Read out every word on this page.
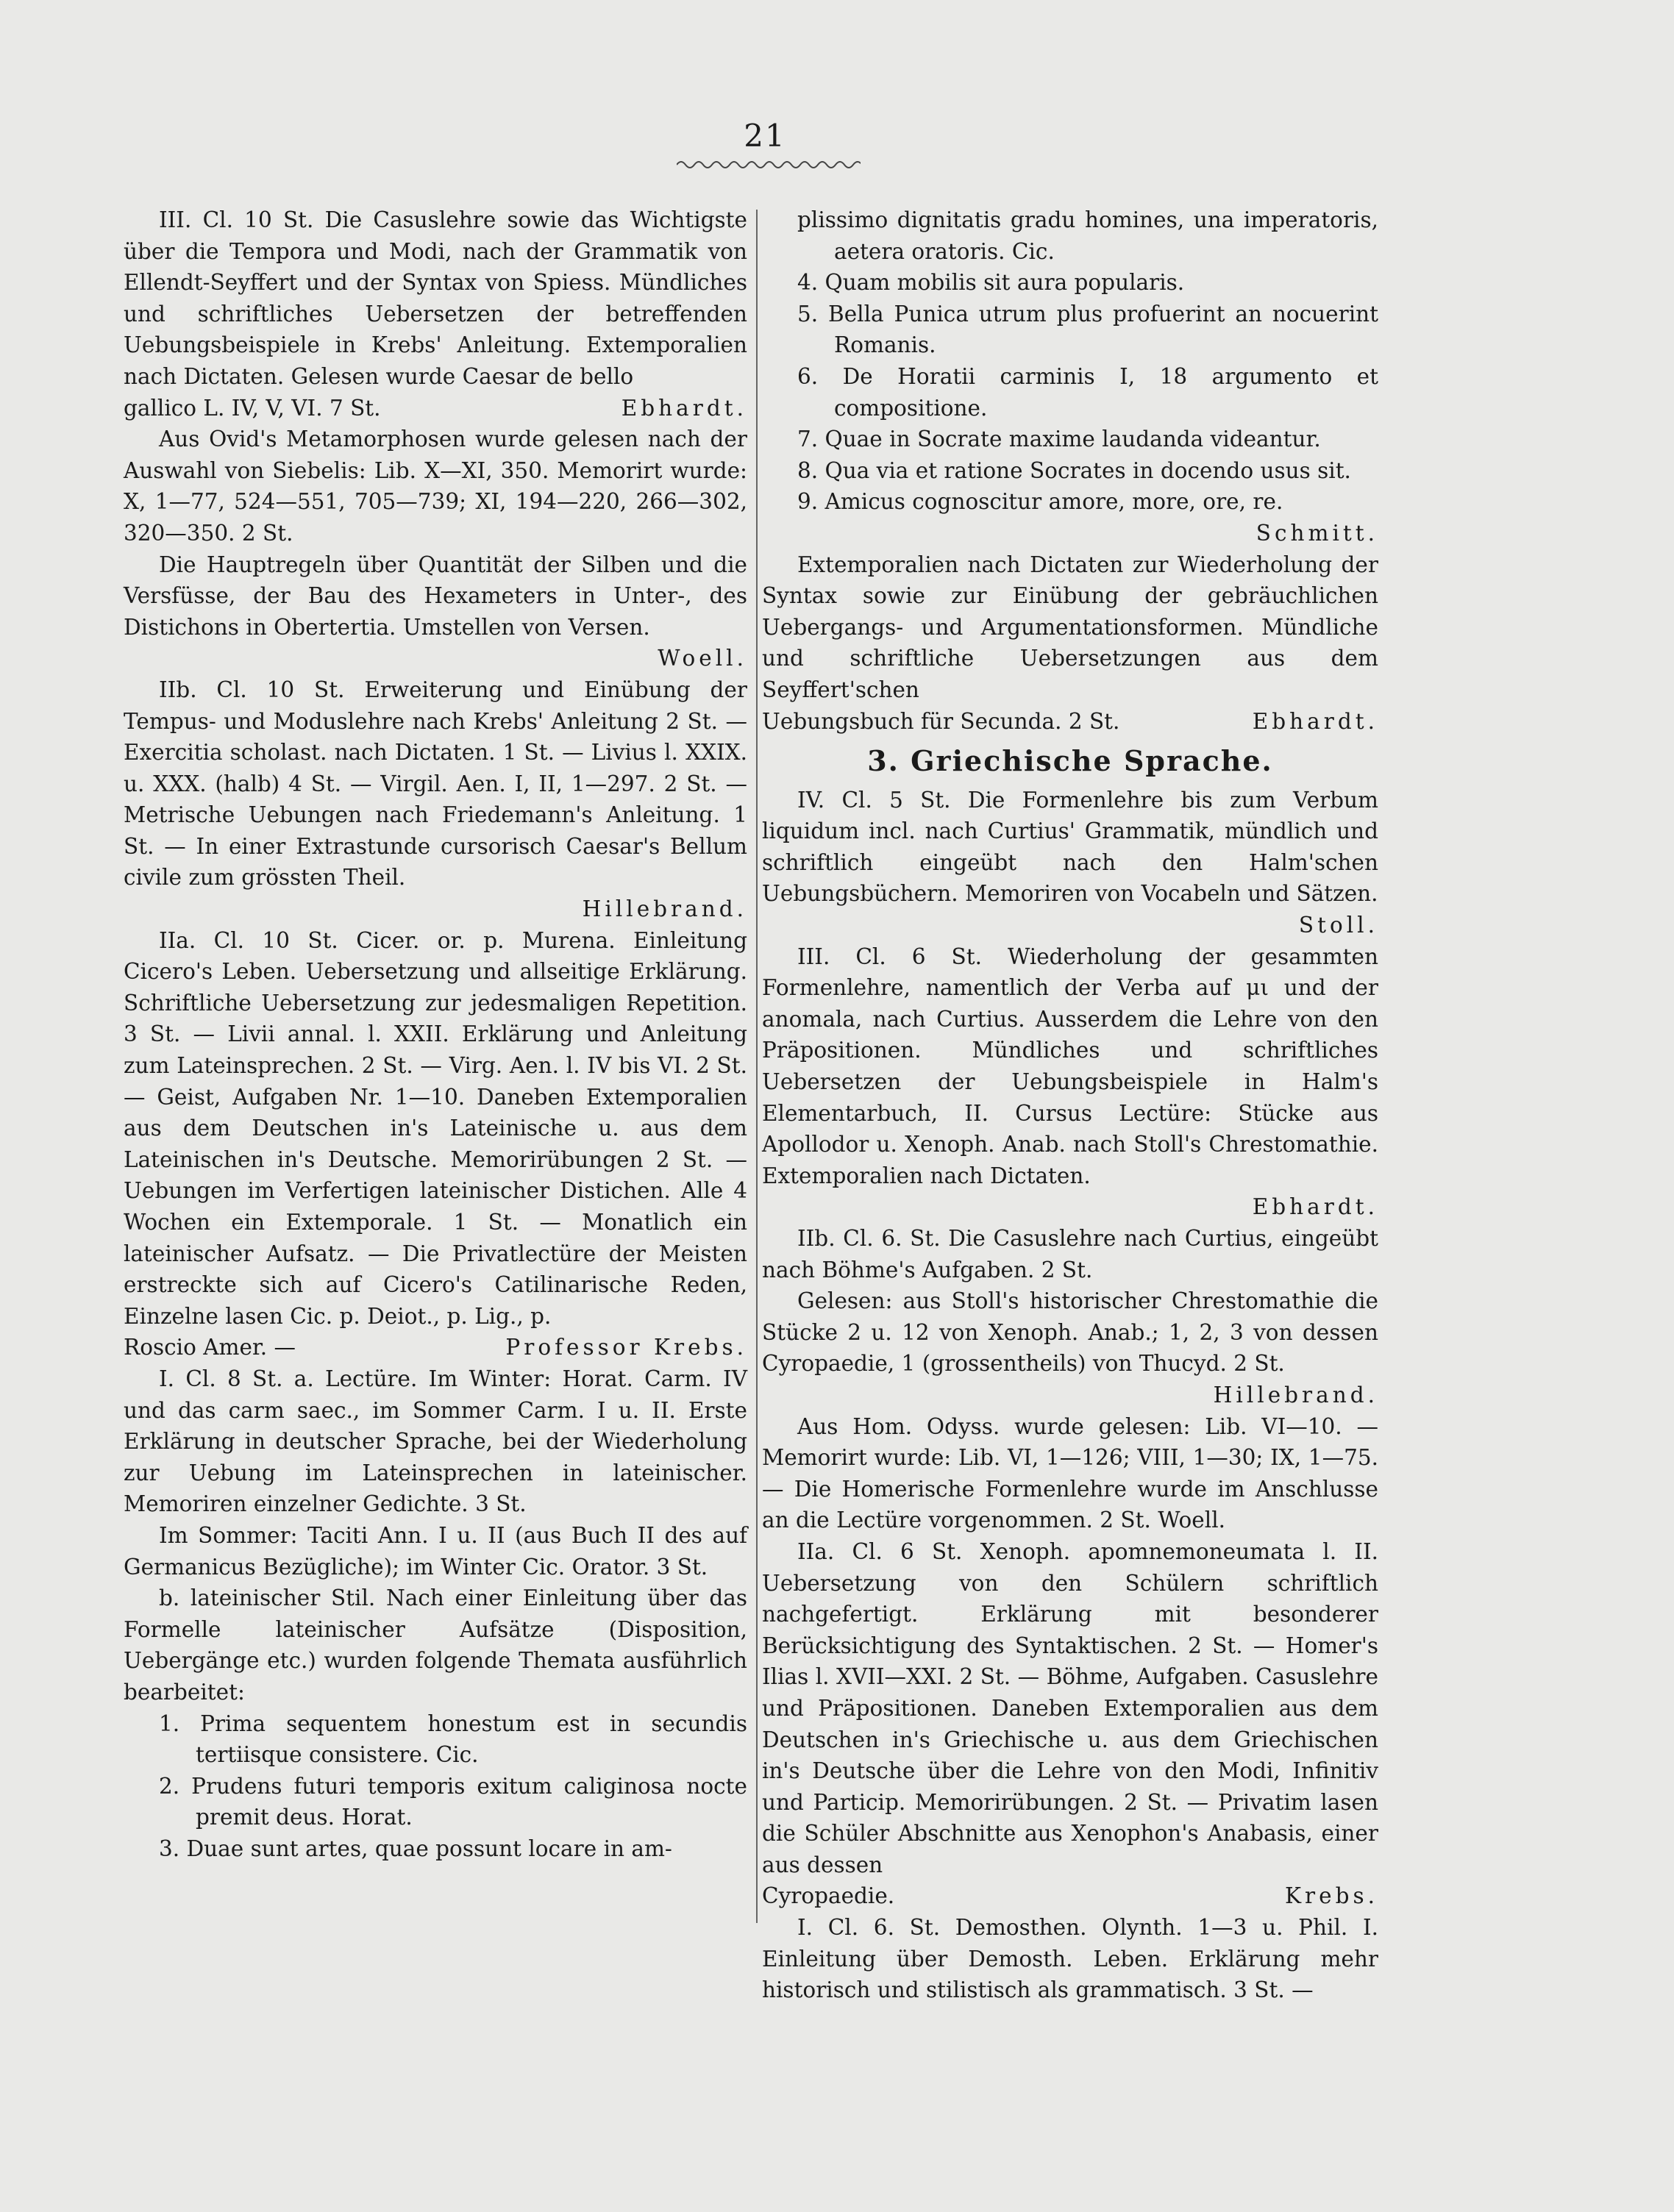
21

III. Cl. 10 St. Die Casuslehre sowie das Wichtigste über die Tempora und Modi, nach der Grammatik von Ellendt-Seyffert und der Syntax von Spiess. Mündliches und schriftliches Uebersetzen der betreffenden Uebungsbeispiele in Krebs' Anleitung. Extemporalien nach Dictaten. Gelesen wurde Caesar de bello

gallico L. IV, V, VI. 7 St.	Ebhardt.

Aus Ovid's Metamorphosen wurde gelesen nach der Auswahl von Siebelis: Lib. X—XI, 350. Memorirt wurde: X, 1—77, 524—551, 705—739; XI, 194—220, 266—302, 320—350. 2 St.

Die Hauptregeln über Quantität der Silben und die Versfüsse, der Bau des Hexameters in Unter-, des Distichons in Obertertia. Umstellen von Versen.

Woell.

IIb. Cl. 10 St. Erweiterung und Einübung der Tempus- und Moduslehre nach Krebs' Anleitung 2 St. — Exercitia scholast. nach Dictaten. 1 St. — Livius l. XXIX. u. XXX. (halb) 4 St. — Virgil. Aen. I, II, 1—297. 2 St. — Metrische Uebungen nach Friedemann's Anleitung. 1 St. — In einer Extrastunde cursorisch Caesar's Bellum civile zum grössten Theil.

Hillebrand.

IIa. Cl. 10 St. Cicer. or. p. Murena. Einleitung Cicero's Leben. Uebersetzung und allseitige Erklärung. Schriftliche Uebersetzung zur jedesmaligen Repetition. 3 St. — Livii annal. l. XXII. Erklärung und Anleitung zum Lateinsprechen. 2 St. — Virg. Aen. l. IV bis VI. 2 St. — Geist, Aufgaben Nr. 1—10. Daneben Extemporalien aus dem Deutschen in's Lateinische u. aus dem Lateinischen in's Deutsche. Memorirübungen 2 St. — Uebungen im Verfertigen lateinischer Distichen. Alle 4 Wochen ein Extemporale. 1 St. — Monatlich ein lateinischer Aufsatz. — Die Privatlectüre der Meisten erstreckte sich auf Cicero's Catilinarische Reden, Einzelne lasen Cic. p. Deiot., p. Lig., p.

Roscio Amer. —	Professor Krebs.

I. Cl. 8 St. a. Lectüre. Im Winter: Horat. Carm. IV und das carm saec., im Sommer Carm. I u. II. Erste Erklärung in deutscher Sprache, bei der Wiederholung zur Uebung im Lateinsprechen in lateinischer. Memoriren einzelner Gedichte. 3 St.

Im Sommer: Taciti Ann. I u. II (aus Buch II des auf Germanicus Bezügliche); im Winter Cic. Orator. 3 St.

b. lateinischer Stil. Nach einer Einleitung über das Formelle lateinischer Aufsätze (Disposition, Uebergänge etc.) wurden folgende Themata ausführlich bearbeitet:

1. Prima sequentem honestum est in secundis tertiisque consistere. Cic.

2. Prudens futuri temporis exitum caliginosa nocte premit deus. Horat.

3. Duae sunt artes, quae possunt locare in am-

plissimo dignitatis gradu homines, una imperatoris, aetera oratoris. Cic.

4. Quam mobilis sit aura popularis.

5. Bella Punica utrum plus profuerint an nocuerint Romanis.

6. De Horatii carminis I, 18 argumento et compositione.

7. Quae in Socrate maxime laudanda videantur.

8. Qua via et ratione Socrates in docendo usus sit.

9. Amicus cognoscitur amore, more, ore, re.

Schmitt.

Extemporalien nach Dictaten zur Wiederholung der Syntax sowie zur Einübung der gebräuchlichen Uebergangs- und Argumentationsformen. Mündliche und schriftliche Uebersetzungen aus dem Seyffert'schen

Uebungsbuch für Secunda. 2 St.	Ebhardt.

3. Griechische Sprache.

IV. Cl. 5 St. Die Formenlehre bis zum Verbum liquidum incl. nach Curtius' Grammatik, mündlich und schriftlich eingeübt nach den Halm'schen Uebungsbüchern. Memoriren von Vocabeln und Sätzen.

Stoll.

III. Cl. 6 St. Wiederholung der gesammten Formenlehre, namentlich der Verba auf μι und der anomala, nach Curtius. Ausserdem die Lehre von den Präpositionen. Mündliches und schriftliches Uebersetzen der Uebungsbeispiele in Halm's Elementarbuch, II. Cursus Lectüre: Stücke aus Apollodor u. Xenoph. Anab. nach Stoll's Chrestomathie. Extemporalien nach Dictaten.

Ebhardt.

IIb. Cl. 6. St. Die Casuslehre nach Curtius, eingeübt nach Böhme's Aufgaben. 2 St.

Gelesen: aus Stoll's historischer Chrestomathie die Stücke 2 u. 12 von Xenoph. Anab.; 1, 2, 3 von dessen Cyropaedie, 1 (grossentheils) von Thucyd. 2 St.

Hillebrand.

Aus Hom. Odyss. wurde gelesen: Lib. VI—10. — Memorirt wurde: Lib. VI, 1—126; VIII, 1—30; IX, 1—75. — Die Homerische Formenlehre wurde im Anschlusse an die Lectüre vorgenommen. 2 St. Woell.

IIa. Cl. 6 St. Xenoph. apomnemoneumata l. II. Uebersetzung von den Schülern schriftlich nachgefertigt. Erklärung mit besonderer Berücksichtigung des Syntaktischen. 2 St. — Homer's Ilias l. XVII—XXI. 2 St. — Böhme, Aufgaben. Casuslehre und Präpositionen. Daneben Extemporalien aus dem Deutschen in's Griechische u. aus dem Griechischen in's Deutsche über die Lehre von den Modi, Infinitiv und Particip. Memorirübungen. 2 St. — Privatim lasen die Schüler Abschnitte aus Xenophon's Anabasis, einer aus dessen

Cyropaedie.	Krebs.

I. Cl. 6. St. Demosthen. Olynth. 1—3 u. Phil. I. Einleitung über Demosth. Leben. Erklärung mehr historisch und stilistisch als grammatisch. 3 St. —
